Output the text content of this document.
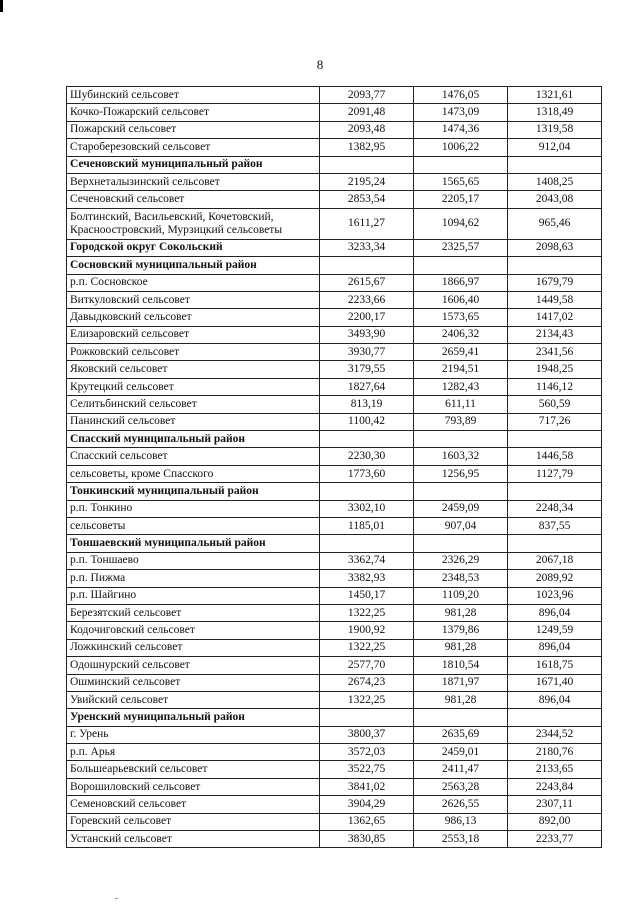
8
Шубинский сельсовет	2093,77	1476,05	1321,61
Кочко-Пожарский сельсовет	2091,48	1473,09	1318,49
Пожарский сельсовет	2093,48	1474,36	1319,58
Староберезовский сельсовет	1382,95	1006,22	912,04
Сеченовский муниципальный район			
Верхнеталызинский сельсовет	2195,24	1565,65	1408,25
Сеченовский сельсовет	2853,54	2205,17	2043,08
Болтинский, Васильевский, Кочетовский, Красноостровский, Мурзицкий сельсоветы	1611,27	1094,62	965,46
Городской округ Сокольский	3233,34	2325,57	2098,63
Сосновский муниципальный район			
р.п. Сосновское	2615,67	1866,97	1679,79
Виткуловский сельсовет	2233,66	1606,40	1449,58
Давыдковский сельсовет	2200,17	1573,65	1417,02
Елизаровский сельсовет	3493,90	2406,32	2134,43
Рожковский сельсовет	3930,77	2659,41	2341,56
Яковский сельсовет	3179,55	2194,51	1948,25
Крутецкий сельсовет	1827,64	1282,43	1146,12
Селитьбинский сельсовет	813,19	611,11	560,59
Панинский сельсовет	1100,42	793,89	717,26
Спасский муниципальный район			
Спасский сельсовет	2230,30	1603,32	1446,58
сельсоветы, кроме Спасского	1773,60	1256,95	1127,79
Тонкинский муниципальный район			
р.п. Тонкино	3302,10	2459,09	2248,34
сельсоветы	1185,01	907,04	837,55
Тоншаевский муниципальный район			
р.п. Тоншаево	3362,74	2326,29	2067,18
р.п. Пижма	3382,93	2348,53	2089,92
р.п. Шайгино	1450,17	1109,20	1023,96
Березятский сельсовет	1322,25	981,28	896,04
Кодочиговский сельсовет	1900,92	1379,86	1249,59
Ложкинский сельсовет	1322,25	981,28	896,04
Одошнурский сельсовет	2577,70	1810,54	1618,75
Ошминский сельсовет	2674,23	1871,97	1671,40
Увийский сельсовет	1322,25	981,28	896,04
Уренский муниципальный район			
г. Урень	3800,37	2635,69	2344,52
р.п. Арья	3572,03	2459,01	2180,76
Большеарьевский сельсовет	3522,75	2411,47	2133,65
Ворошиловский сельсовет	3841,02	2563,28	2243,84
Семеновский сельсовет	3904,29	2626,55	2307,11
Горевский сельсовет	1362,65	986,13	892,00
Устанский сельсовет	3830,85	2553,18	2233,77
